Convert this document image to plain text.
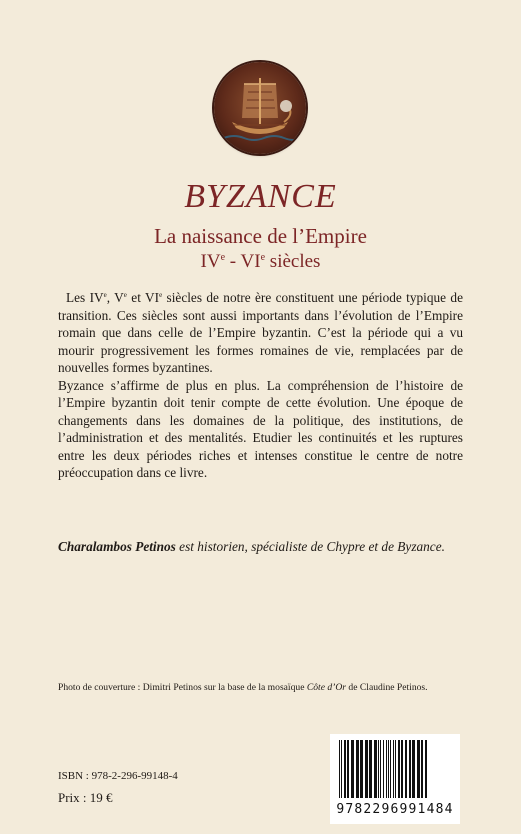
BYZANCE
La naissance de l’Empire
IVe - VIe siècles

Les IVe, Ve et VIe siècles de notre ère constituent une période typique de transition. Ces siècles sont aussi importants dans l’évolution de l’Empire romain que dans celle de l’Empire byzantin. C’est la période qui a vu mourir progressivement les formes romaines de vie, remplacées par de nouvelles formes byzantines.

Byzance s’affirme de plus en plus. La compréhension de l’histoire de l’Empire byzantin doit tenir compte de cette évolution. Une époque de changements dans les domaines de la politique, des institutions, de l’administration et des mentalités. Etudier les continuités et les ruptures entre les deux périodes riches et intenses constitue le centre de notre préoccupation dans ce livre.

Charalambos Petinos est historien, spécialiste de Chypre et de Byzance.
Photo de couverture : Dimitri Petinos sur la base de la mosaïque Côte d’Or de Claudine Petinos.
ISBN : 978-2-296-99148-4
Prix : 19 €
9782296991484
